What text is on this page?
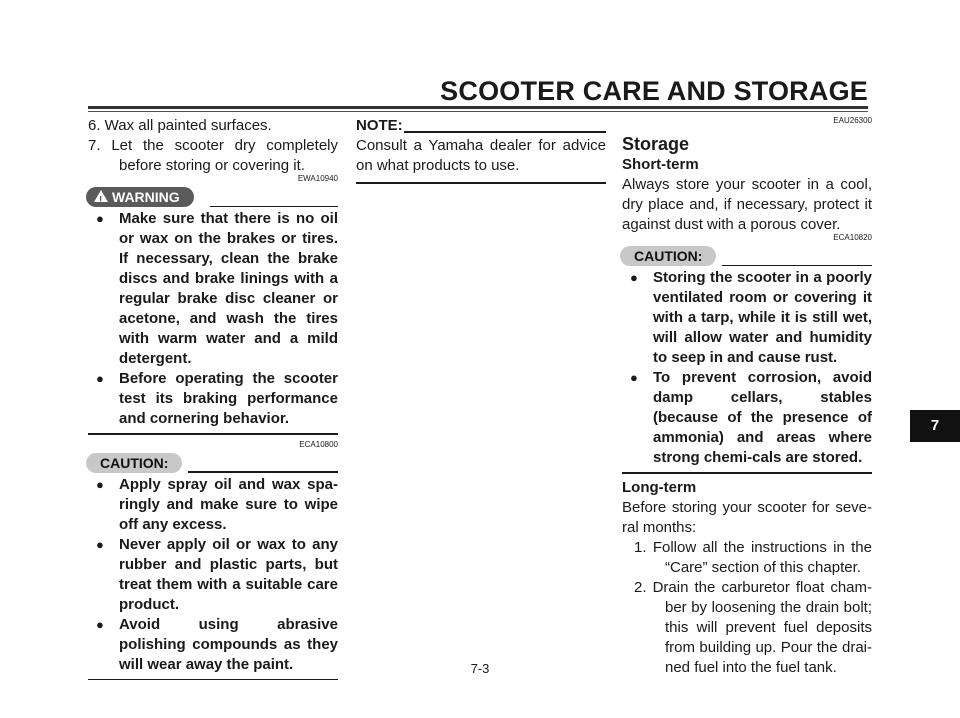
SCOOTER CARE AND STORAGE
6. Wax all painted surfaces.
7. Let the scooter dry completely before storing or covering it.
EWA10940
!
WARNING
● Make sure that there is no oil or wax on the brakes or tires. If necessary, clean the brake discs and brake linings with a regular brake disc cleaner or acetone, and wash the tires with warm water and a mild detergent.
● Before operating the scooter test its braking performance and cornering behavior.
ECA10800
CAUTION:
● Apply spray oil and wax spa-ringly and make sure to wipe off any excess.
● Never apply oil or wax to any rubber and plastic parts, but treat them with a suitable care product.
● Avoid using abrasive polishing compounds as they will wear away the paint.
NOTE:
Consult a Yamaha dealer for advice on what products to use.
EAU26300
Storage
Short-term
Always store your scooter in a cool, dry place and, if necessary, protect it against dust with a porous cover.
ECA10820
CAUTION:
● Storing the scooter in a poorly ventilated room or covering it with a tarp, while it is still wet, will allow water and humidity to seep in and cause rust.
● To prevent corrosion, avoid damp cellars, stables (because of the presence of ammonia) and areas where strong chemi-cals are stored.
Long-term
Before storing your scooter for seve-ral months:
1. Follow all the instructions in the “Care” section of this chapter.
2. Drain the carburetor float cham-ber by loosening the drain bolt; this will prevent fuel deposits from building up. Pour the drai-ned fuel into the fuel tank.
7
7-3
